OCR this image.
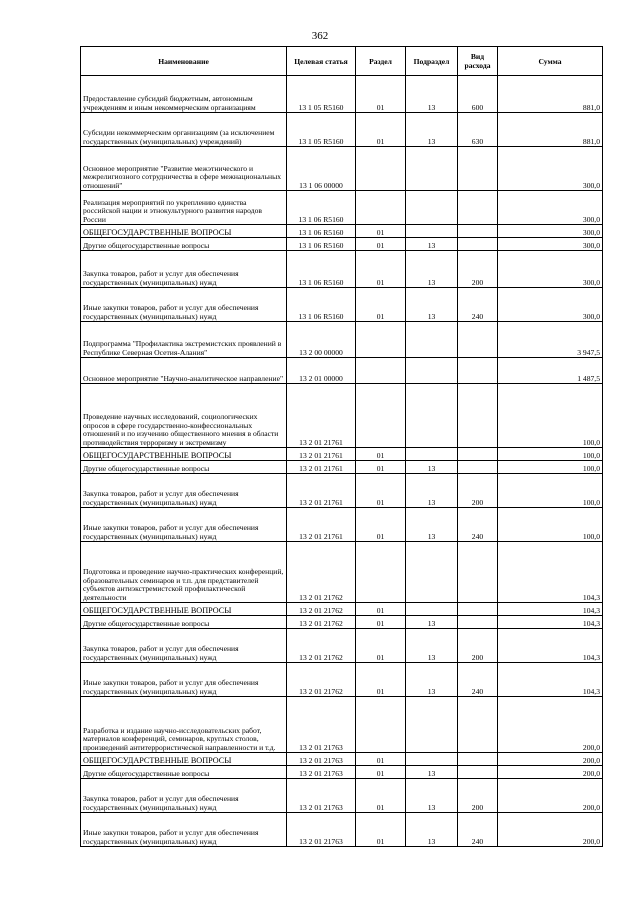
362
Наименование	Целевая статья	Раздел	Подраздел	Вид расхода	Сумма
Предоставление субсидий бюджетным, автономным учреждениям и иным некоммерческим организациям	13 1 05 R5160	01	13	600	881,0
Субсидии некоммерческим организациям (за исключением государственных (муниципальных) учреждений)	13 1 05 R5160	01	13	630	881,0
Основное мероприятие "Развитие межэтнического и межрелигиозного сотрудничества в сфере межнациональных отношений"	13 1 06 00000				300,0
Реализация мероприятий по укреплению единства российской нации и этнокультурного развития народов России	13 1 06 R5160				300,0
ОБЩЕГОСУДАРСТВЕННЫЕ ВОПРОСЫ	13 1 06 R5160	01			300,0
Другие общегосударственные вопросы	13 1 06 R5160	01	13		300,0
Закупка товаров, работ и услуг для обеспечения государственных (муниципальных) нужд	13 1 06 R5160	01	13	200	300,0
Иные закупки товаров, работ и услуг для обеспечения государственных (муниципальных) нужд	13 1 06 R5160	01	13	240	300,0
Подпрограмма "Профилактика экстремистских проявлений в Республике Северная Осетия-Алания"	13 2 00 00000				3 947,5
Основное мероприятие "Научно-аналитическое направление"	13 2 01 00000				1 487,5
Проведение научных исследований, социологических опросов в сфере государственно-конфессиональных отношений и по изучению общественного мнения в области противодействия терроризму и экстремизму	13 2 01 21761				100,0
ОБЩЕГОСУДАРСТВЕННЫЕ ВОПРОСЫ	13 2 01 21761	01			100,0
Другие общегосударственные вопросы	13 2 01 21761	01	13		100,0
Закупка товаров, работ и услуг для обеспечения государственных (муниципальных) нужд	13 2 01 21761	01	13	200	100,0
Иные закупки товаров, работ и услуг для обеспечения государственных (муниципальных) нужд	13 2 01 21761	01	13	240	100,0
Подготовка и проведение научно-практических конференций, образовательных семинаров и т.п. для представителей субъектов антиэкстремистской профилактической деятельности	13 2 01 21762				104,3
ОБЩЕГОСУДАРСТВЕННЫЕ ВОПРОСЫ	13 2 01 21762	01			104,3
Другие общегосударственные вопросы	13 2 01 21762	01	13		104,3
Закупка товаров, работ и услуг для обеспечения государственных (муниципальных) нужд	13 2 01 21762	01	13	200	104,3
Иные закупки товаров, работ и услуг для обеспечения государственных (муниципальных) нужд	13 2 01 21762	01	13	240	104,3
Разработка и издание научно-исследовательских работ, материалов конференций, семинаров, круглых столов, произведений антитеррористической направленности и т.д.	13 2 01 21763				200,0
ОБЩЕГОСУДАРСТВЕННЫЕ ВОПРОСЫ	13 2 01 21763	01			200,0
Другие общегосударственные вопросы	13 2 01 21763	01	13		200,0
Закупка товаров, работ и услуг для обеспечения государственных (муниципальных) нужд	13 2 01 21763	01	13	200	200,0
Иные закупки товаров, работ и услуг для обеспечения государственных (муниципальных) нужд	13 2 01 21763	01	13	240	200,0
